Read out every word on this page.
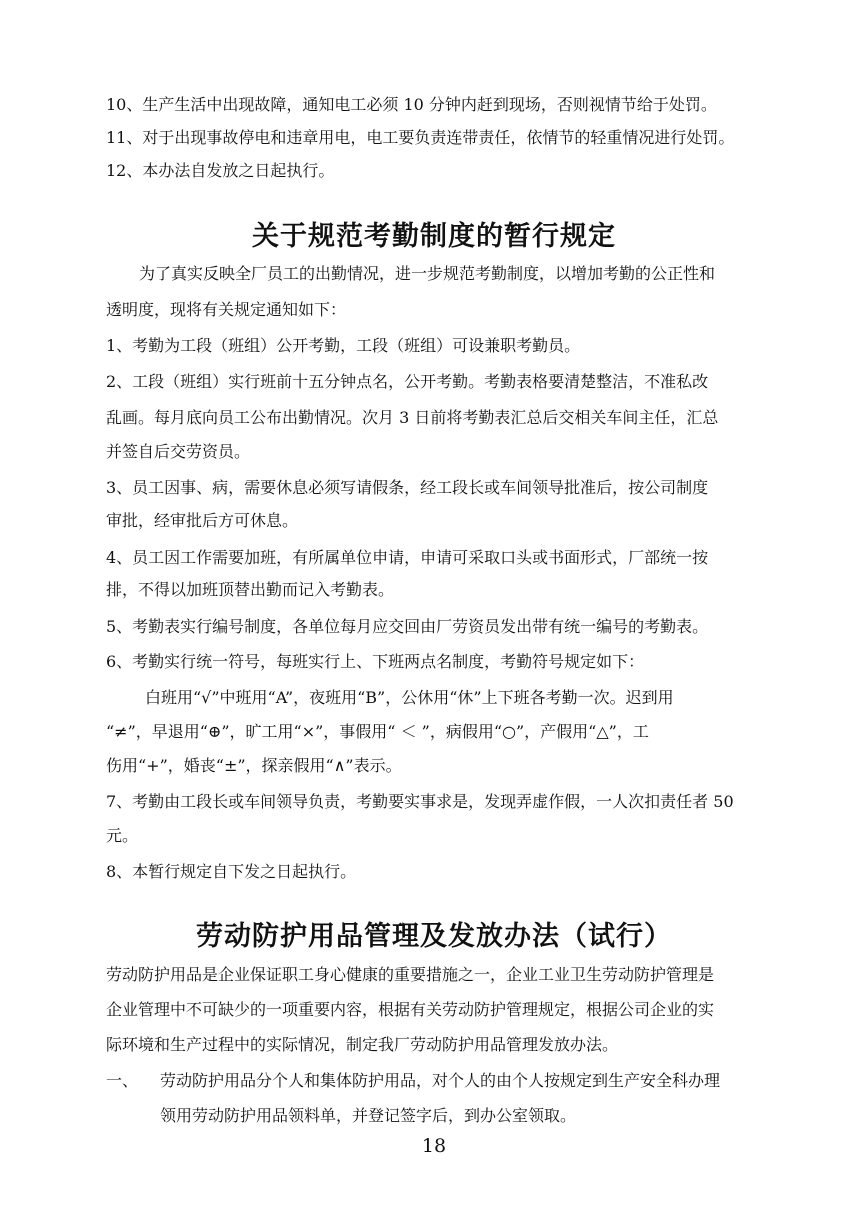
10、生产生活中出现故障，通知电工必须 10 分钟内赶到现场，否则视情节给于处罚。
11、对于出现事故停电和违章用电，电工要负责连带责任，依情节的轻重情况进行处罚。
12、本办法自发放之日起执行。
关于规范考勤制度的暂行规定
为了真实反映全厂员工的出勤情况，进一步规范考勤制度，以增加考勤的公正性和
透明度，现将有关规定通知如下：
1、考勤为工段（班组）公开考勤，工段（班组）可设兼职考勤员。
2、工段（班组）实行班前十五分钟点名，公开考勤。考勤表格要清楚整洁，不准私改
乱画。每月底向员工公布出勤情况。次月 3 日前将考勤表汇总后交相关车间主任，汇总
并签自后交劳资员。
3、员工因事、病，需要休息必须写请假条，经工段长或车间领导批准后，按公司制度
审批，经审批后方可休息。
4、员工因工作需要加班，有所属单位申请，申请可采取口头或书面形式，厂部统一按
排，不得以加班顶替出勤而记入考勤表。
5、考勤表实行编号制度，各单位每月应交回由厂劳资员发出带有统一编号的考勤表。
6、考勤实行统一符号，每班实行上、下班两点名制度，考勤符号规定如下：
白班用“√”中班用“A”，夜班用“B”，公休用“休”上下班各考勤一次。迟到用
“≠”，早退用“⊕”，旷工用“×”，事假用“ ＜ ”，病假用“○”，产假用“△”，工
伤用“+”，婚丧“±”，探亲假用“∧”表示。
7、考勤由工段长或车间领导负责，考勤要实事求是，发现弄虚作假，一人次扣责任者 50
元。
8、本暂行规定自下发之日起执行。
劳动防护用品管理及发放办法（试行）
劳动防护用品是企业保证职工身心健康的重要措施之一，企业工业卫生劳动防护管理是
企业管理中不可缺少的一项重要内容，根据有关劳动防护管理规定，根据公司企业的实
际环境和生产过程中的实际情况，制定我厂劳动防护用品管理发放办法。
一、 劳动防护用品分个人和集体防护用品，对个人的由个人按规定到生产安全科办理
领用劳动防护用品领料单，并登记签字后，到办公室领取。
18
